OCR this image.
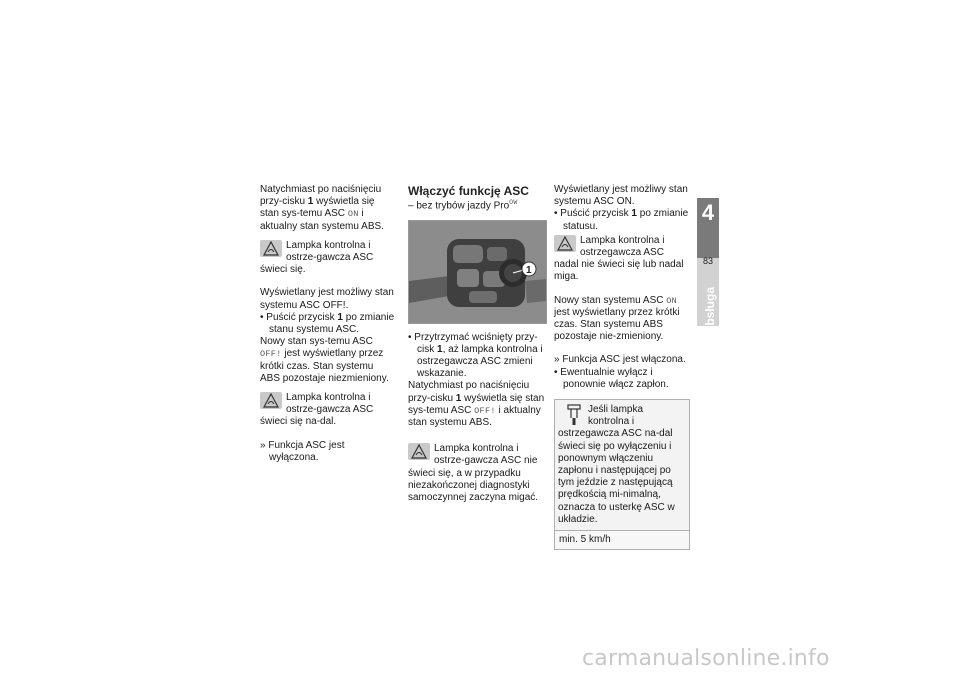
Natychmiast po naciśnięciu przy-cisku 1 wyświetla się stan sys-temu ASC ON i aktualny stan systemu ABS.

Lampka kontrolna i ostrze-gawcza ASC świeci się.

Wyświetlany jest możliwy stan systemu ASC OFF!.

• Puścić przycisk 1 po zmianie stanu systemu ASC.

Nowy stan sys-temu ASC OFF! jest wyświetlany przez krótki czas. Stan systemu ABS pozostaje niezmieniony.

Lampka kontrolna i ostrze-gawcza ASC świeci się na-dal.

» Funkcja ASC jest wyłączona.

Włączyć funkcję ASC

– bez trybów jazdy Pro$^{OW}$

1

• Przytrzymać wciśnięty przy-cisk 1, aż lampka kontrolna i ostrzegawcza ASC zmieni wskazanie.

Natychmiast po naciśnięciu przy-cisku 1 wyświetla się stan sys-temu ASC OFF! i aktualny stan systemu ABS.

Lampka kontrolna i ostrze-gawcza ASC nie świeci się, a w przypadku niezakończonej diagnostyki samoczynnej zaczyna migać.

Wyświetlany jest możliwy stan systemu ASC ON.

• Puścić przycisk 1 po zmianie statusu.

Lampka kontrolna i ostrzegawcza ASC nadal nie świeci się lub nadal miga.

Nowy stan systemu ASC ON jest wyświetlany przez krótki czas. Stan systemu ABS pozostaje nie-zmieniony.

» Funkcja ASC jest włączona.

• Ewentualnie wyłącz i ponownie włącz zapłon.

Jeśli lampka kontrolna i ostrzegawcza ASC na-dal świeci się po wyłączeniu i ponownym włączeniu zapłonu i następującej po tym jeździe z następującą prędkością mi-nimalną, oznacza to usterkę ASC w układzie.

min. 5 km/h
4
83
Obsługa
carmanualsonline.info
